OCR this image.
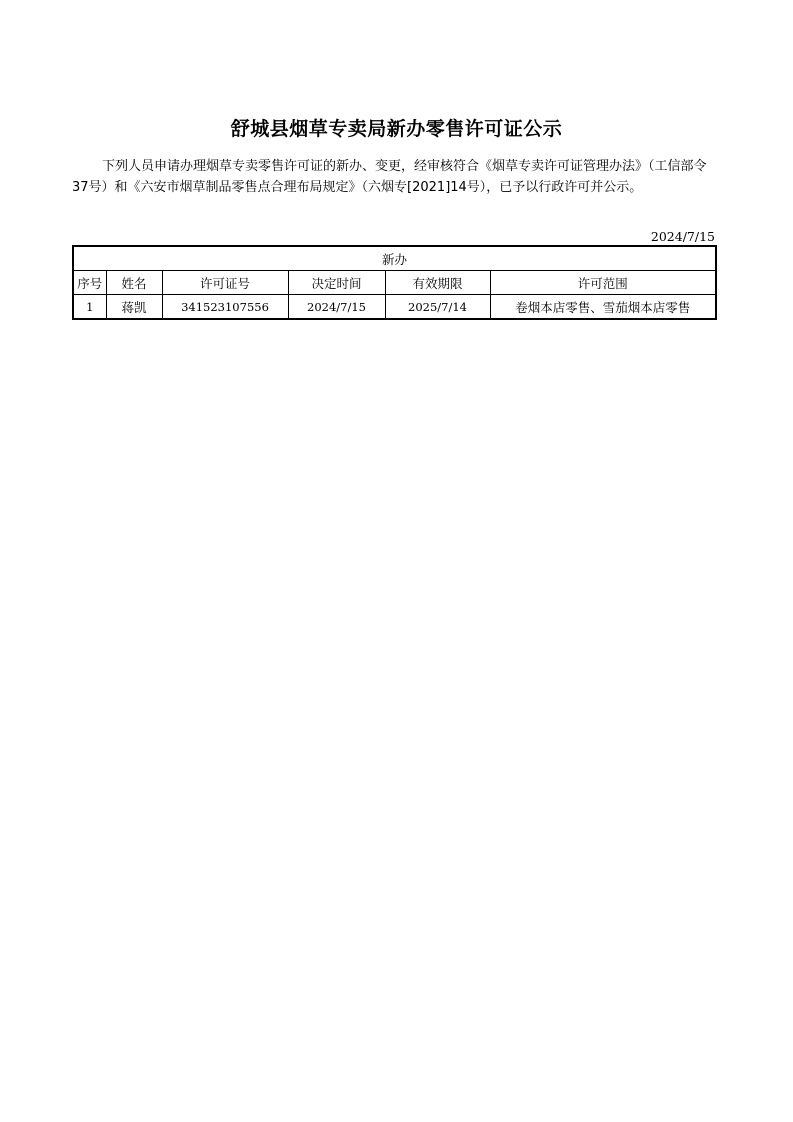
舒城县烟草专卖局新办零售许可证公示
下列人员申请办理烟草专卖零售许可证的新办、变更，经审核符合《烟草专卖许可证管理办法》（工信部令37号）和《六安市烟草制品零售点合理布局规定》（六烟专[2021]14号），已予以行政许可并公示。
2024/7/15
新办					
序号	姓名	许可证号	决定时间	有效期限	许可范围
1	蒋凯	341523107556	2024/7/15	2025/7/14	卷烟本店零售、雪茄烟本店零售
